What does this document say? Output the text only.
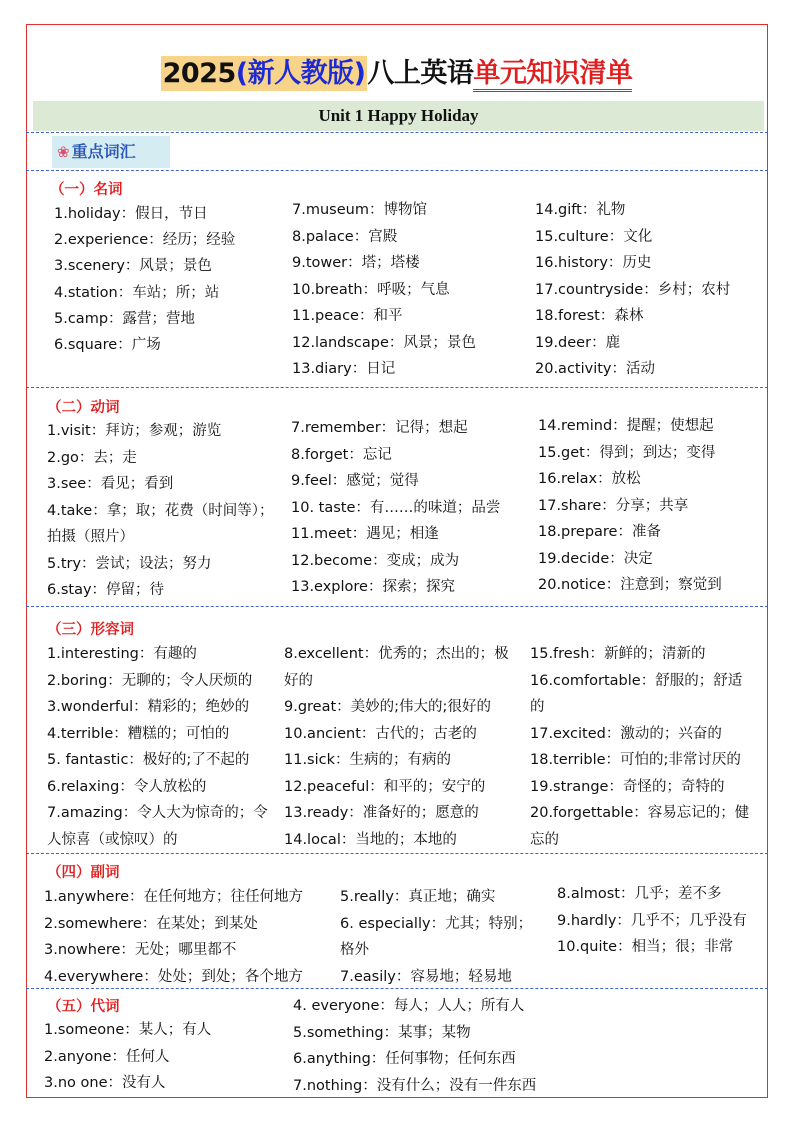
2025(新人教版)八上英语单元知识清单
Unit 1 Happy Holiday
❀ 重点词汇
（一）名词
1.holiday：假日，节日
2.experience：经历；经验
3.scenery：风景；景色
4.station：车站；所；站
5.camp：露营；营地
6.square：广场
7.museum：博物馆
8.palace：宫殿
9.tower：塔；塔楼
10.breath：呼吸；气息
11.peace：和平
12.landscape：风景；景色
13.diary：日记
14.gift：礼物
15.culture：文化
16.history：历史
17.countryside：乡村；农村
18.forest：森林
19.deer：鹿
20.activity：活动
（二）动词
1.visit：拜访；参观；游览
2.go：去；走
3.see：看见；看到
4.take：拿；取；花费（时间等）；拍摄（照片）
5.try：尝试；设法；努力
6.stay：停留；待
7.remember：记得；想起
8.forget：忘记
9.feel：感觉；觉得
10. taste：有……的味道；品尝
11.meet：遇见；相逢
12.become：变成；成为
13.explore：探索；探究
14.remind：提醒；使想起
15.get：得到；到达；变得
16.relax：放松
17.share：分享；共享
18.prepare：准备
19.decide：决定
20.notice：注意到；察觉到
（三）形容词
1.interesting：有趣的
2.boring：无聊的；令人厌烦的
3.wonderful：精彩的；绝妙的
4.terrible：糟糕的；可怕的
5. fantastic：极好的;了不起的
6.relaxing：令人放松的
7.amazing：令人大为惊奇的；令人惊喜（或惊叹）的
8.excellent：优秀的；杰出的；极好的
9.great：美妙的;伟大的;很好的
10.ancient：古代的；古老的
11.sick：生病的；有病的
12.peaceful：和平的；安宁的
13.ready：准备好的；愿意的
14.local：当地的；本地的
15.fresh：新鲜的；清新的
16.comfortable：舒服的；舒适的
17.excited：激动的；兴奋的
18.terrible：可怕的;非常讨厌的
19.strange：奇怪的；奇特的
20.forgettable：容易忘记的；健忘的
（四）副词
1.anywhere：在任何地方；往任何地方
2.somewhere：在某处；到某处
3.nowhere：无处；哪里都不
4.everywhere：处处；到处；各个地方
5.really：真正地；确实
6. especially：尤其；特别；格外
7.easily：容易地；轻易地
8.almost：几乎；差不多
9.hardly：几乎不；几乎没有
10.quite：相当；很；非常
（五）代词
1.someone：某人；有人
2.anyone：任何人
3.no one：没有人
4. everyone：每人；人人；所有人
5.something：某事；某物
6.anything：任何事物；任何东西
7.nothing：没有什么；没有一件东西
